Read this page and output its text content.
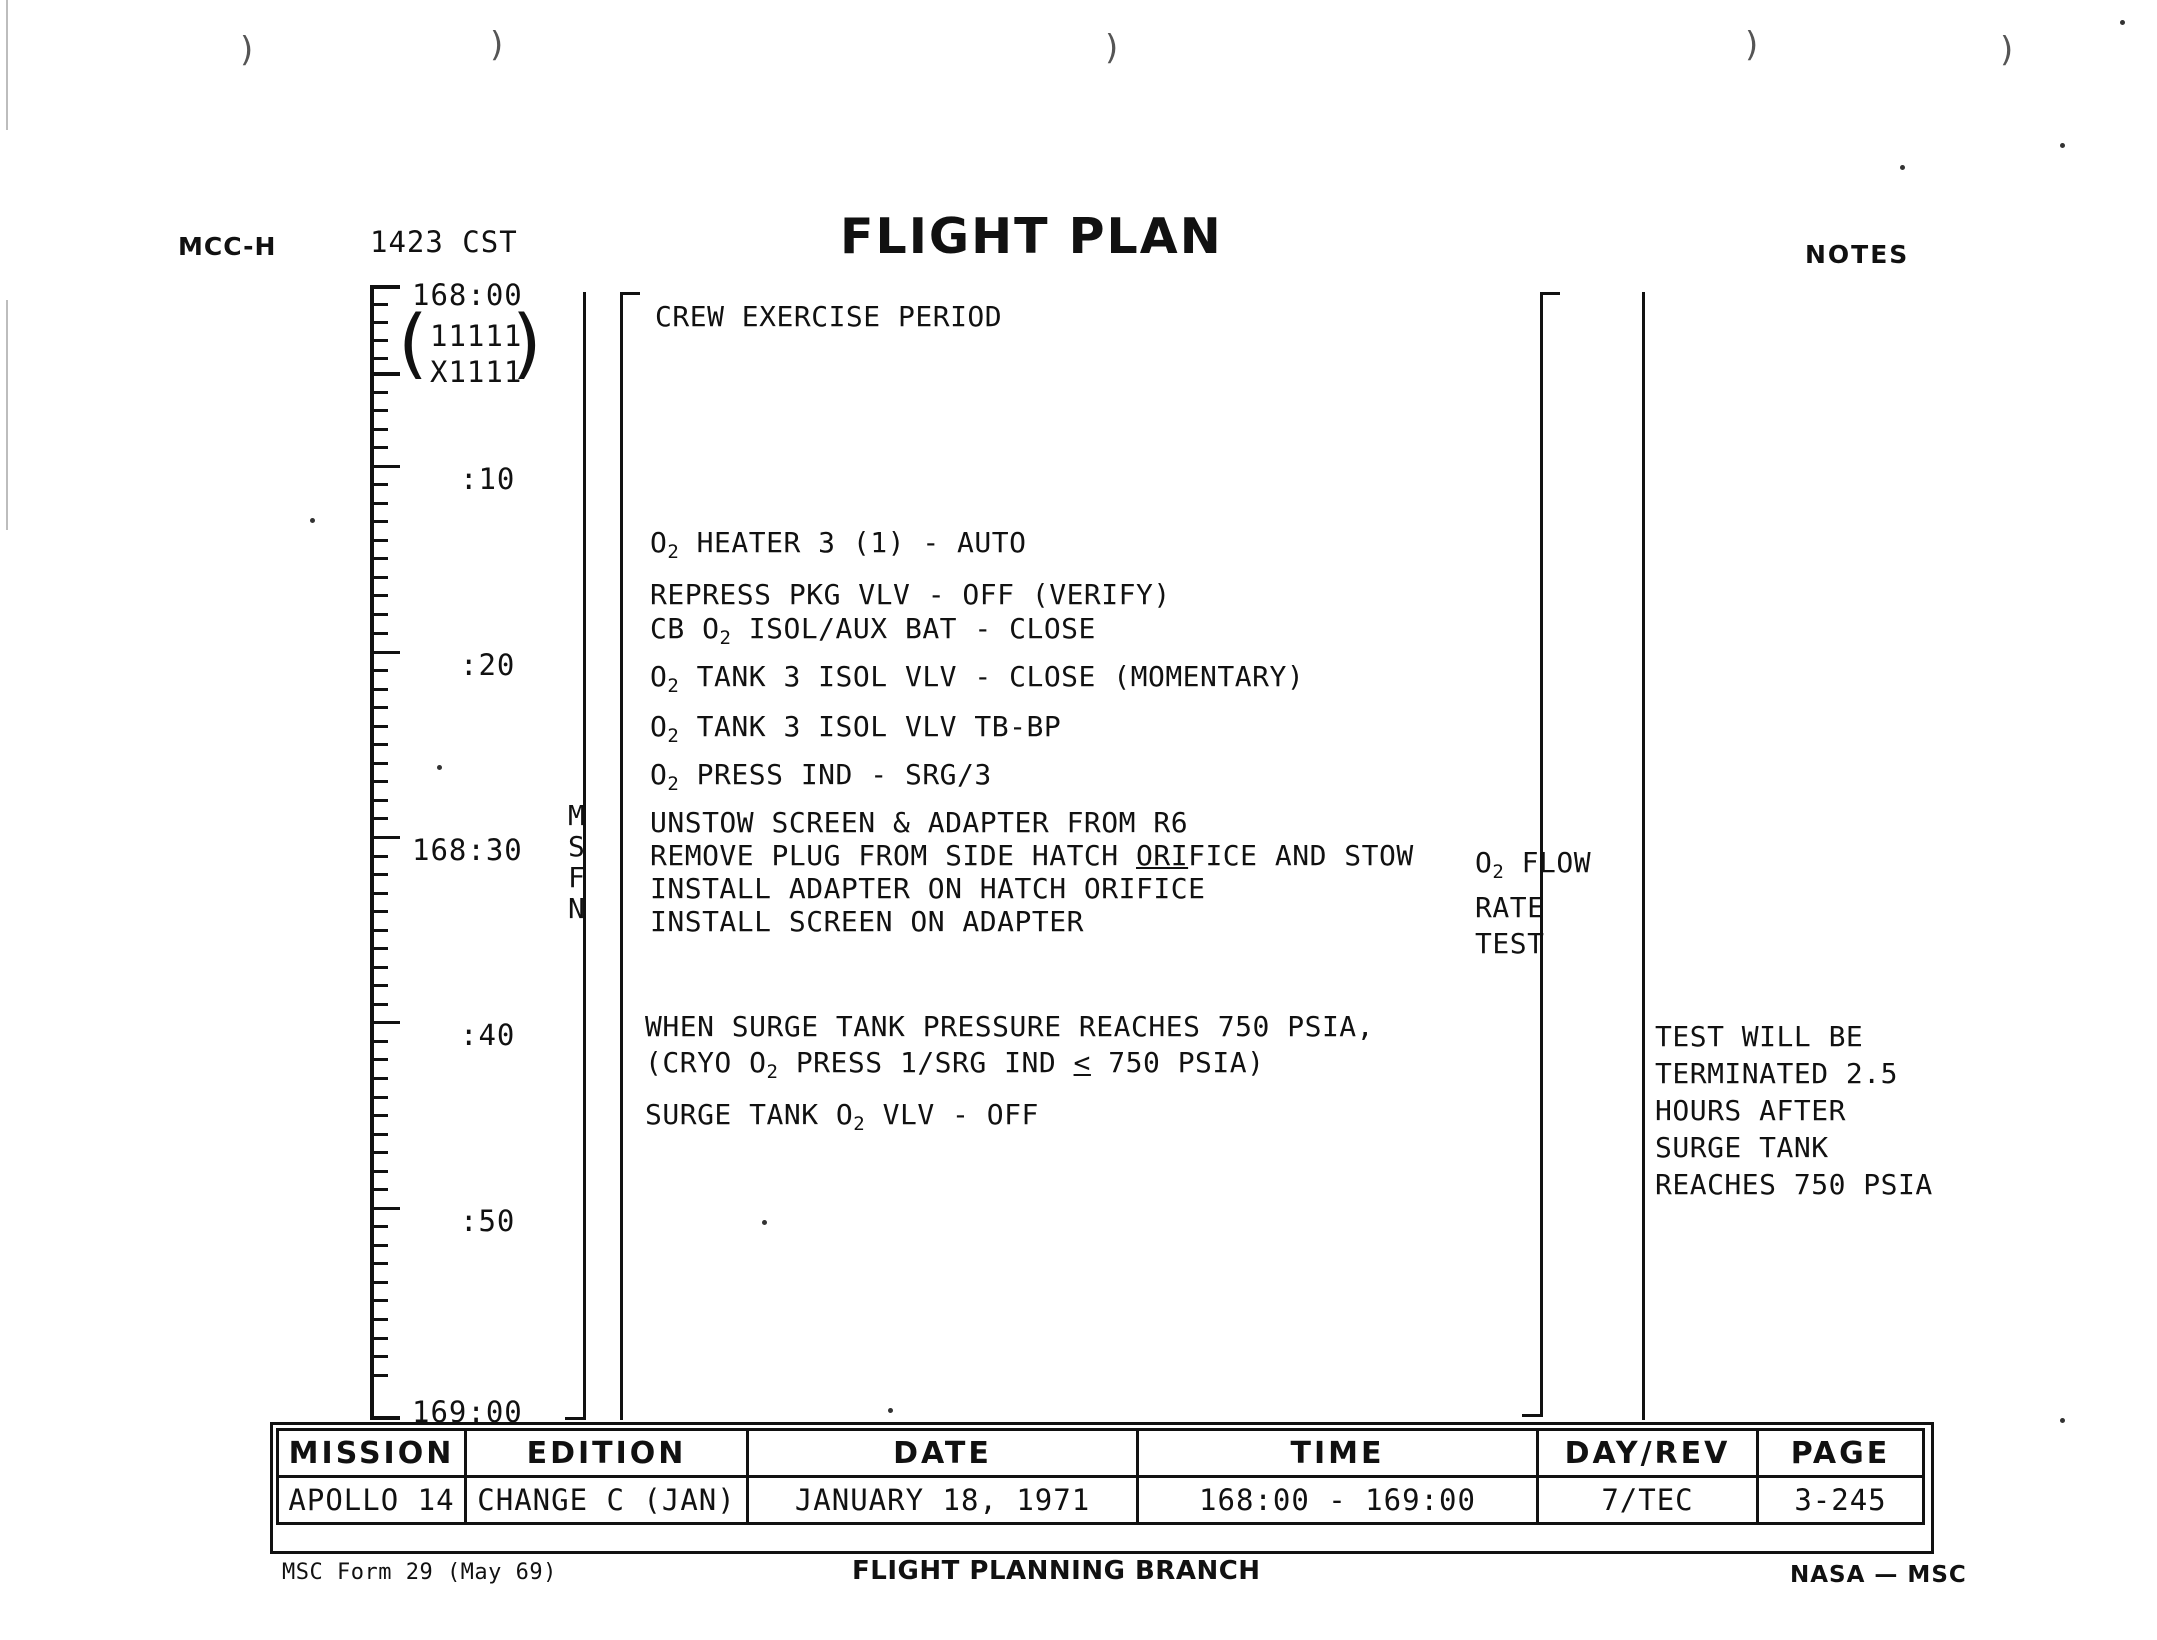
)	)	)	)	)
MCC-H	1423 CST	FLIGHT PLAN	NOTES
168:00
:10
:20
168:30
:40
:50
169:00
( )
11111
X1111
M
S
F
N
CREW EXERCISE PERIOD
$O_2$ HEATER 3 (1) - AUTO
REPRESS PKG VLV - OFF (VERIFY)
CB $O_2$ ISOL/AUX BAT - CLOSE
$O_2$ TANK 3 ISOL VLV - CLOSE (MOMENTARY)
$O_2$ TANK 3 ISOL VLV TB-BP
$O_2$ PRESS IND - SRG/3
UNSTOW SCREEN & ADAPTER FROM R6
REMOVE PLUG FROM SIDE HATCH ORIFICE AND STOW
INSTALL ADAPTER ON HATCH ORIFICE
INSTALL SCREEN ON ADAPTER
WHEN SURGE TANK PRESSURE REACHES 750 PSIA,
(CRYO $O_2$ PRESS 1/SRG IND < 750 PSIA)
SURGE TANK $O_2$ VLV - OFF
$O_2$ FLOW
RATE
TEST
TEST WILL BE
TERMINATED 2.5
HOURS AFTER
SURGE TANK
REACHES 750 PSIA
MISSION	EDITION	DATE	TIME	DAY/REV	PAGE
APOLLO 14	CHANGE C (JAN)	JANUARY 18, 1971	168:00 - 169:00	7/TEC	3-245
MSC Form 29 (May 69)	FLIGHT PLANNING BRANCH	NASA — MSC
